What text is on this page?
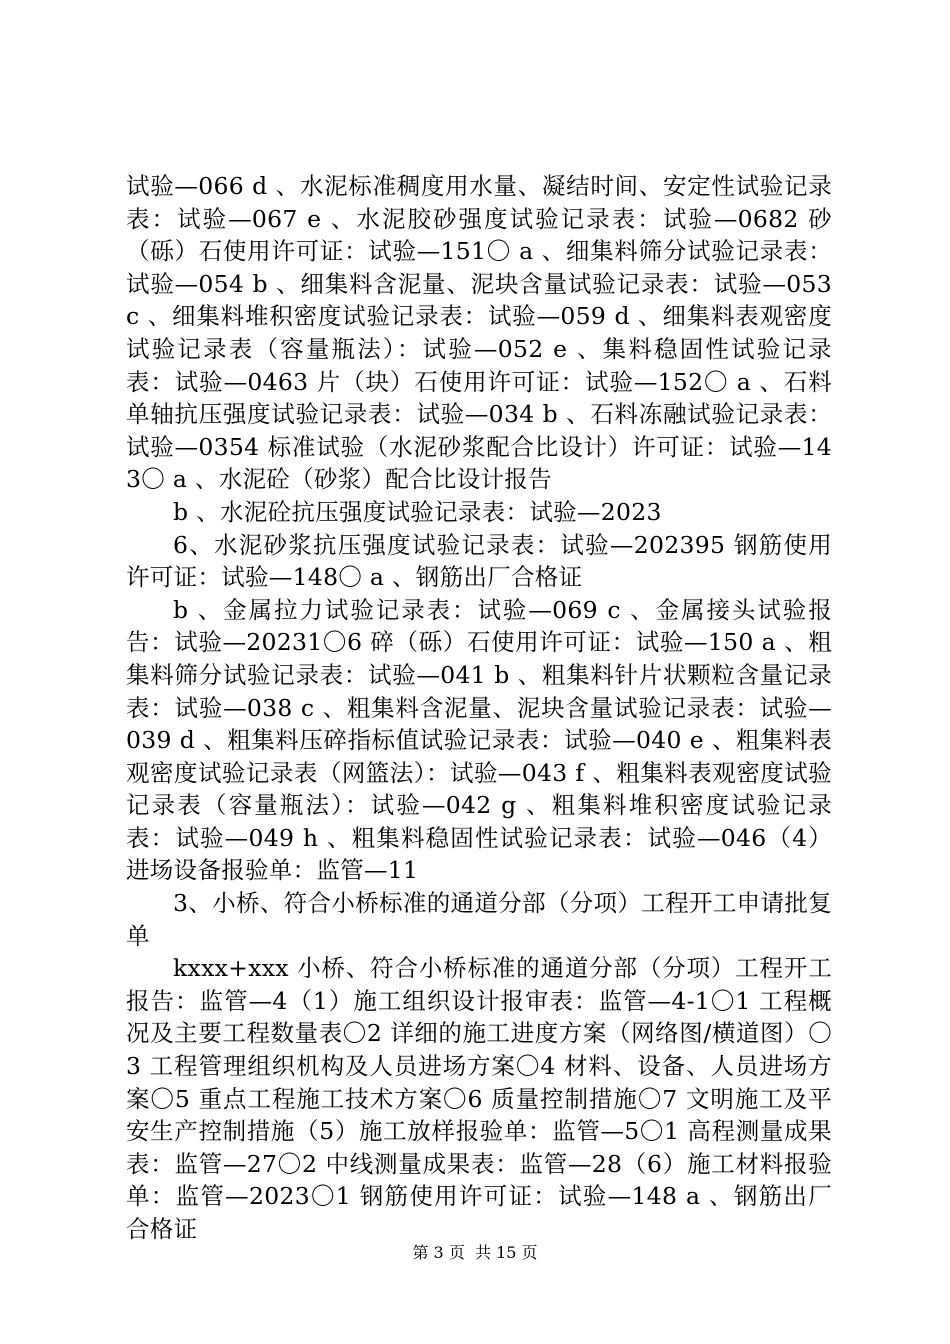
试验—066 d 、水泥标准稠度用水量、凝结时间、安定性试验记录表：试验—067 e 、水泥胶砂强度试验记录表：试验—0682 砂（砾）石使用许可证：试验—151〇 a 、细集料筛分试验记录表：试验—054 b 、细集料含泥量、泥块含量试验记录表：试验—053 c 、细集料堆积密度试验记录表：试验—059 d 、细集料表观密度试验记录表（容量瓶法）：试验—052 e 、集料稳固性试验记录表：试验—0463 片（块）石使用许可证：试验—152〇 a 、石料单轴抗压强度试验记录表：试验—034 b 、石料冻融试验记录表：试验—0354 标准试验（水泥砂浆配合比设计）许可证：试验—143〇 a 、水泥砼（砂浆）配合比设计报告

b 、水泥砼抗压强度试验记录表：试验—2023

6、水泥砂浆抗压强度试验记录表：试验—202395 钢筋使用许可证：试验—148〇 a 、钢筋出厂合格证

b 、金属拉力试验记录表：试验—069 c 、金属接头试验报告：试验—20231〇6 碎（砾）石使用许可证：试验—150 a 、粗集料筛分试验记录表：试验—041 b 、粗集料针片状颗粒含量记录表：试验—038 c 、粗集料含泥量、泥块含量试验记录表：试验—039 d 、粗集料压碎指标值试验记录表：试验—040 e 、粗集料表观密度试验记录表（网篮法）：试验—043 f 、粗集料表观密度试验记录表（容量瓶法）：试验—042 g 、粗集料堆积密度试验记录表：试验—049 h 、粗集料稳固性试验记录表：试验—046（4）进场设备报验单：监管—11

3、小桥、符合小桥标准的通道分部（分项）工程开工申请批复单

kxxx+xxx 小桥、符合小桥标准的通道分部（分项）工程开工报告：监管—4（1）施工组织设计报审表：监管—4-1〇1 工程概况及主要工程数量表〇2 详细的施工进度方案（网络图/横道图）〇3 工程管理组织机构及人员进场方案〇4 材料、设备、人员进场方案〇5 重点工程施工技术方案〇6 质量控制措施〇7 文明施工及平安生产控制措施（5）施工放样报验单：监管—5〇1 高程测量成果表：监管—27〇2 中线测量成果表：监管—28（6）施工材料报验单：监管—2023〇1 钢筋使用许可证：试验—148 a 、钢筋出厂合格证

第 3 页  共 15 页
